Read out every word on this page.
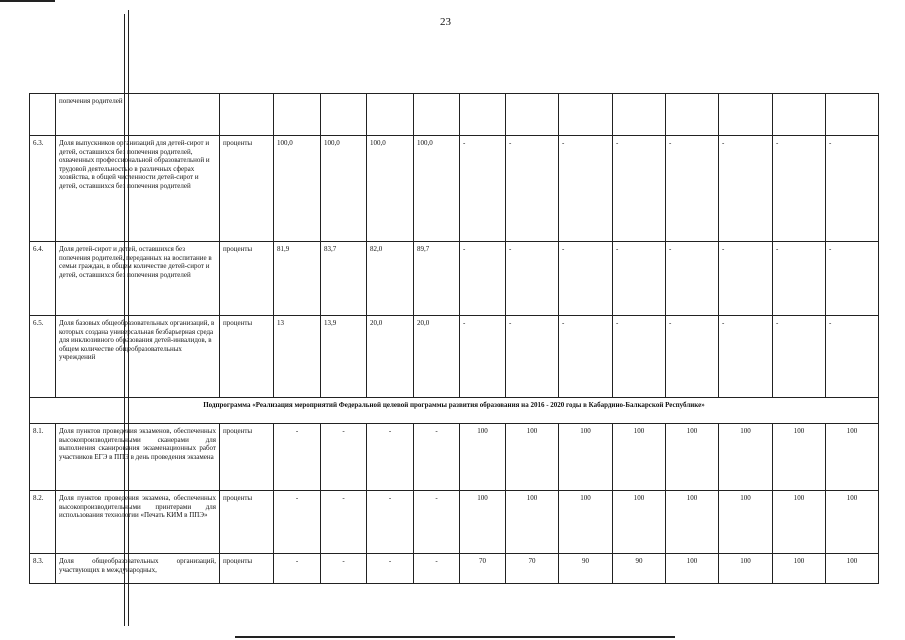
23
	попечения родителей													
6.3.	Доля выпускников организаций для детей-сирот и детей, оставшихся без попечения родителей, охваченных профессиональной образовательной и трудовой деятельностью в различных сферах хозяйства, в общей численности детей-сирот и детей, оставшихся без попечения родителей	проценты	100,0	100,0	100,0	100,0	-	-	-	-	-	-	-	-
6.4.	Доля детей-сирот и детей, оставшихся без попечения родителей, переданных на воспитание в семьи граждан, в общем количестве детей-сирот и детей, оставшихся без попечения родителей	проценты	81,9	83,7	82,0	89,7	-	-	-	-	-	-	-	-
6.5.	Доля базовых общеобразовательных организаций, в которых создана универсальная безбарьерная среда для инклюзивного образования детей-инвалидов, в общем количестве общеобразовательных учреждений	проценты	13	13,9	20,0	20,0	-	-	-	-	-	-	-	-
Подпрограмма «Реализация мероприятий Федеральной целевой программы развития образования на 2016 - 2020 годы в Кабардино-Балкарской Республике»														
8.1.	Доля пунктов проведения экзаменов, обеспеченных высокопроизводительными сканерами для выполнения сканирования экзаменационных работ участников ЕГЭ в ППЭ в день проведения экзамена	проценты	-	-	-	-	100	100	100	100	100	100	100	100
8.2.	Доля пунктов проведения экзамена, обеспеченных высокопроизводительными принтерами для использования технологии «Печать КИМ в ППЭ»	проценты	-	-	-	-	100	100	100	100	100	100	100	100
8.3.	Доля общеобразовательных организаций, участвующих в международных,	проценты	-	-	-	-	70	70	90	90	100	100	100	100
